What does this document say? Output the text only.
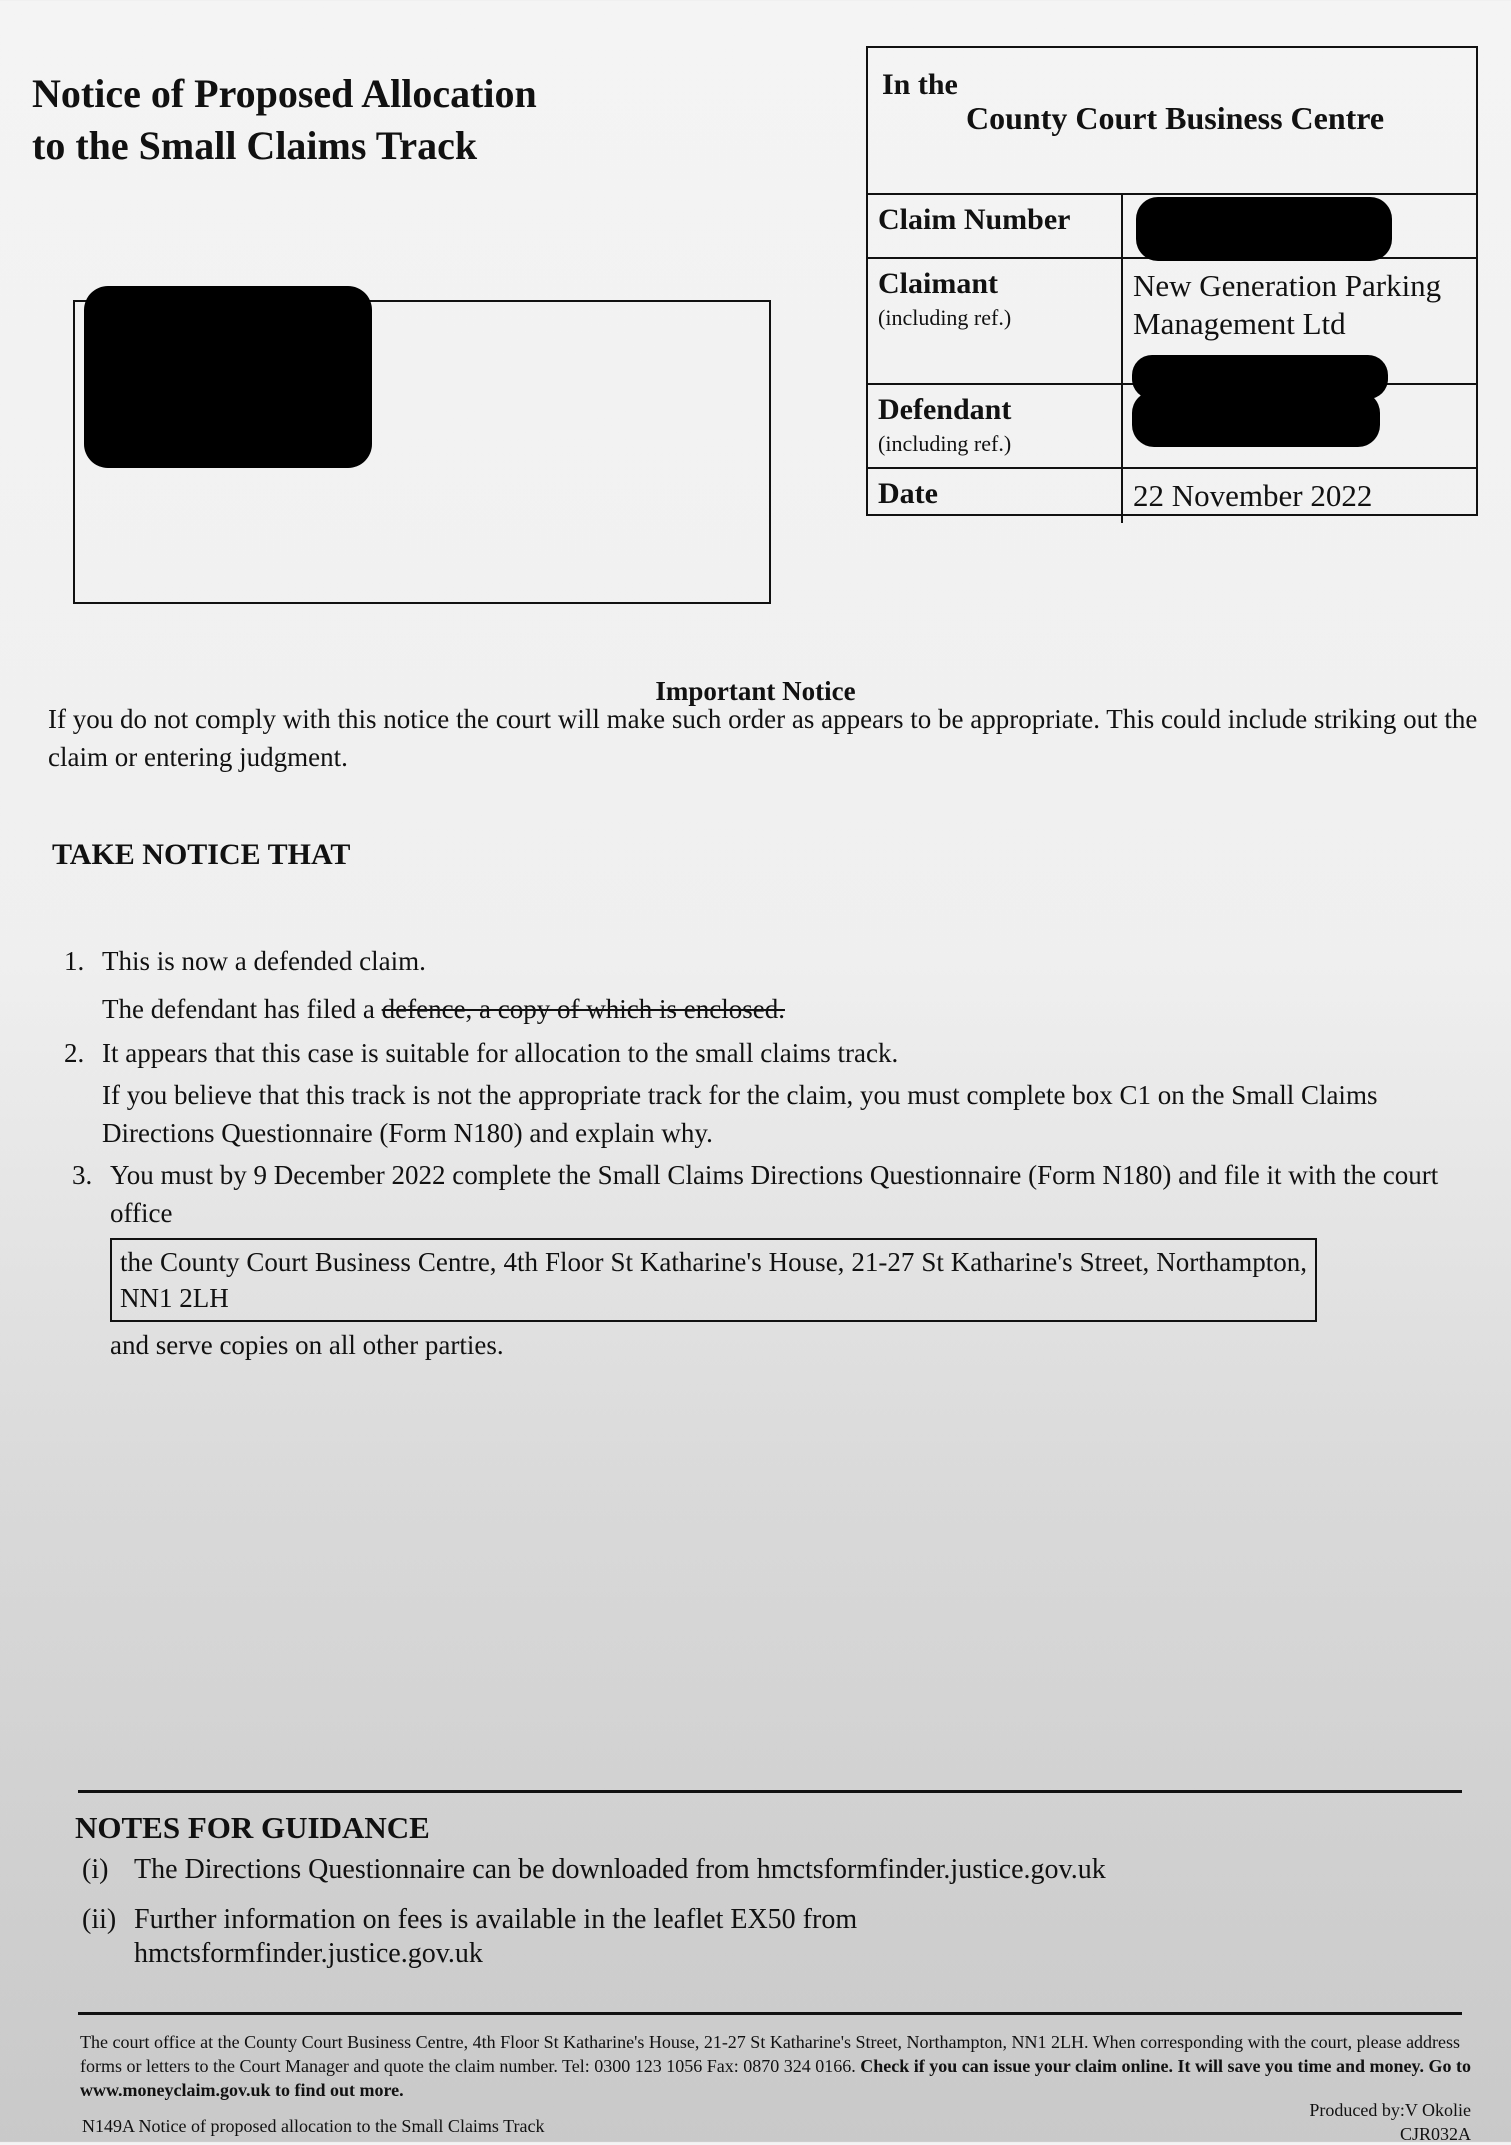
Notice of Proposed Allocation
to the Small Claims Track
In the
County Court Business Centre
Claim Number
Claimant
(including ref.)
New Generation Parking
Management Ltd
Defendant
(including ref.)
Date	22 November 2022
Important Notice
If you do not comply with this notice the court will make such order as appears to be appropriate. This could include striking out the claim or entering judgment.
TAKE NOTICE THAT
1. This is now a defended claim.
The defendant has filed a defence, a copy of which is enclosed.
2. It appears that this case is suitable for allocation to the small claims track.
If you believe that this track is not the appropriate track for the claim, you must complete box C1 on the Small Claims Directions Questionnaire (Form N180) and explain why.
3. You must by 9 December 2022 complete the Small Claims Directions Questionnaire (Form N180) and file it with the court office
the County Court Business Centre, 4th Floor St Katharine's House, 21-27 St Katharine's Street, Northampton, NN1 2LH
and serve copies on all other parties.
NOTES FOR GUIDANCE
(i) The Directions Questionnaire can be downloaded from hmctsformfinder.justice.gov.uk
(ii) Further information on fees is available in the leaflet EX50 from
hmctsformfinder.justice.gov.uk
The court office at the County Court Business Centre, 4th Floor St Katharine's House, 21-27 St Katharine's Street, Northampton, NN1 2LH. When corresponding with the court, please address forms or letters to the Court Manager and quote the claim number. Tel: 0300 123 1056 Fax: 0870 324 0166. Check if you can issue your claim online. It will save you time and money. Go to www.moneyclaim.gov.uk to find out more.
N149A Notice of proposed allocation to the Small Claims Track
Produced by:V Okolie
CJR032A
